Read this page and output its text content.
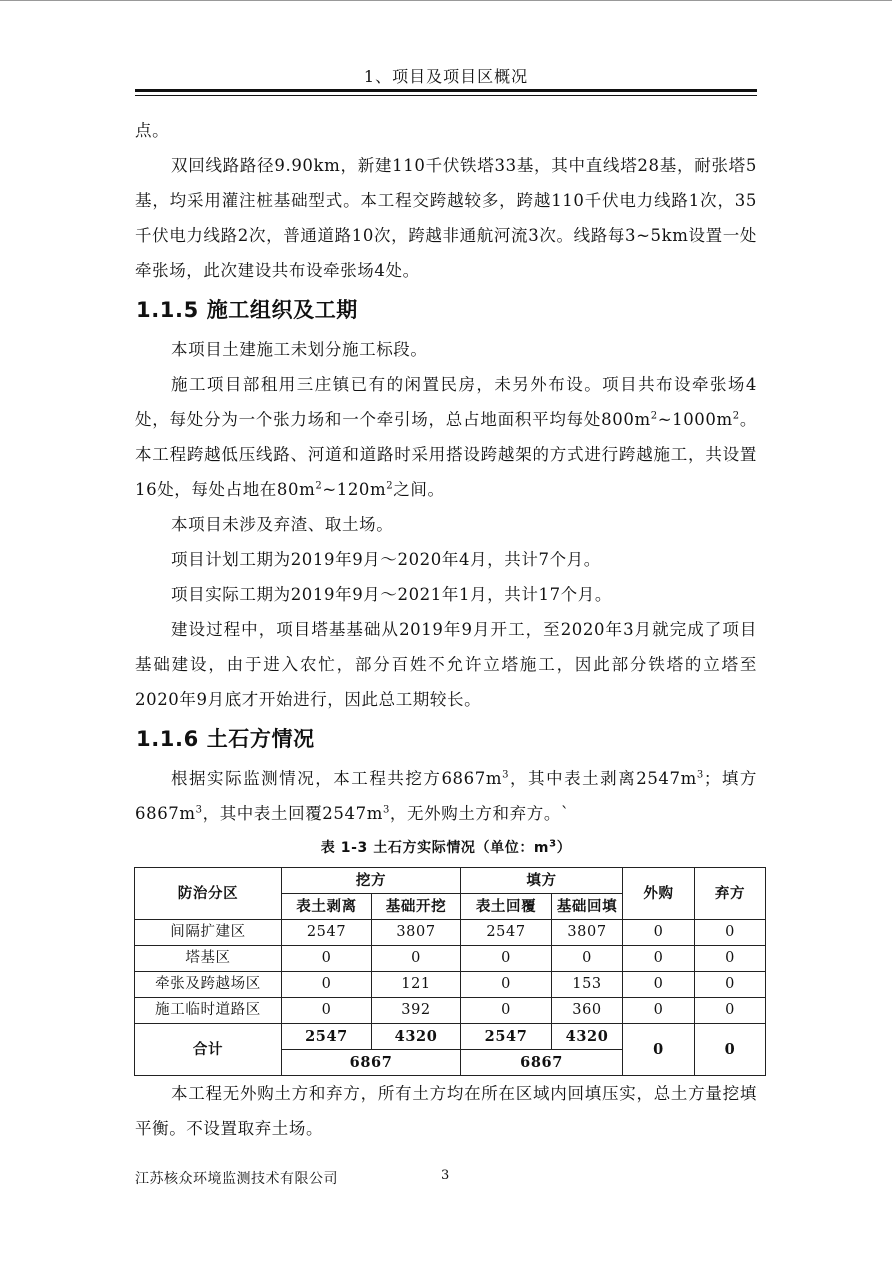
1、项目及项目区概况

点。

双回线路路径9.90km，新建110千伏铁塔33基，其中直线塔28基，耐张塔5基，均采用灌注桩基础型式。本工程交跨越较多，跨越110千伏电力线路1次，35千伏电力线路2次，普通道路10次，跨越非通航河流3次。线路每3~5km设置一处牵张场，此次建设共布设牵张场4处。

1.1.5 施工组织及工期

本项目土建施工未划分施工标段。

施工项目部租用三庄镇已有的闲置民房，未另外布设。项目共布设牵张场4处，每处分为一个张力场和一个牵引场，总占地面积平均每处$800m^2\sim 1000m^2$。本工程跨越低压线路、河道和道路时采用搭设跨越架的方式进行跨越施工，共设置16处，每处占地在$80m^2\sim 120m^2$之间。

本项目未涉及弃渣、取土场。

项目计划工期为2019年9月～2020年4月，共计7个月。

项目实际工期为2019年9月～2021年1月，共计17个月。

建设过程中，项目塔基基础从2019年9月开工，至2020年3月就完成了项目基础建设，由于进入农忙，部分百姓不允许立塔施工，因此部分铁塔的立塔至2020年9月底才开始进行，因此总工期较长。

1.1.6 土石方情况

根据实际监测情况，本工程共挖方$6867m^3$，其中表土剥离$2547m^3$；填方$6867m^3$，其中表土回覆$2547m^3$，无外购土方和弃方。`

表 1-3 土石方实际情况（单位：$m^3$）
防治分区	挖方		填方		外购	弃方
	表土剥离	基础开挖	表土回覆	基础回填		
间隔扩建区	2547	3807	2547	3807	0	0
塔基区	0	0	0	0	0	0
牵张及跨越场区	0	121	0	153	0	0
施工临时道路区	0	392	0	360	0	0
合计	2547	4320	2547	4320	0	0
	6867		6867			

本工程无外购土方和弃方，所有土方均在所在区域内回填压实，总土方量挖填平衡。不设置取弃土场。

江苏核众环境监测技术有限公司	3
